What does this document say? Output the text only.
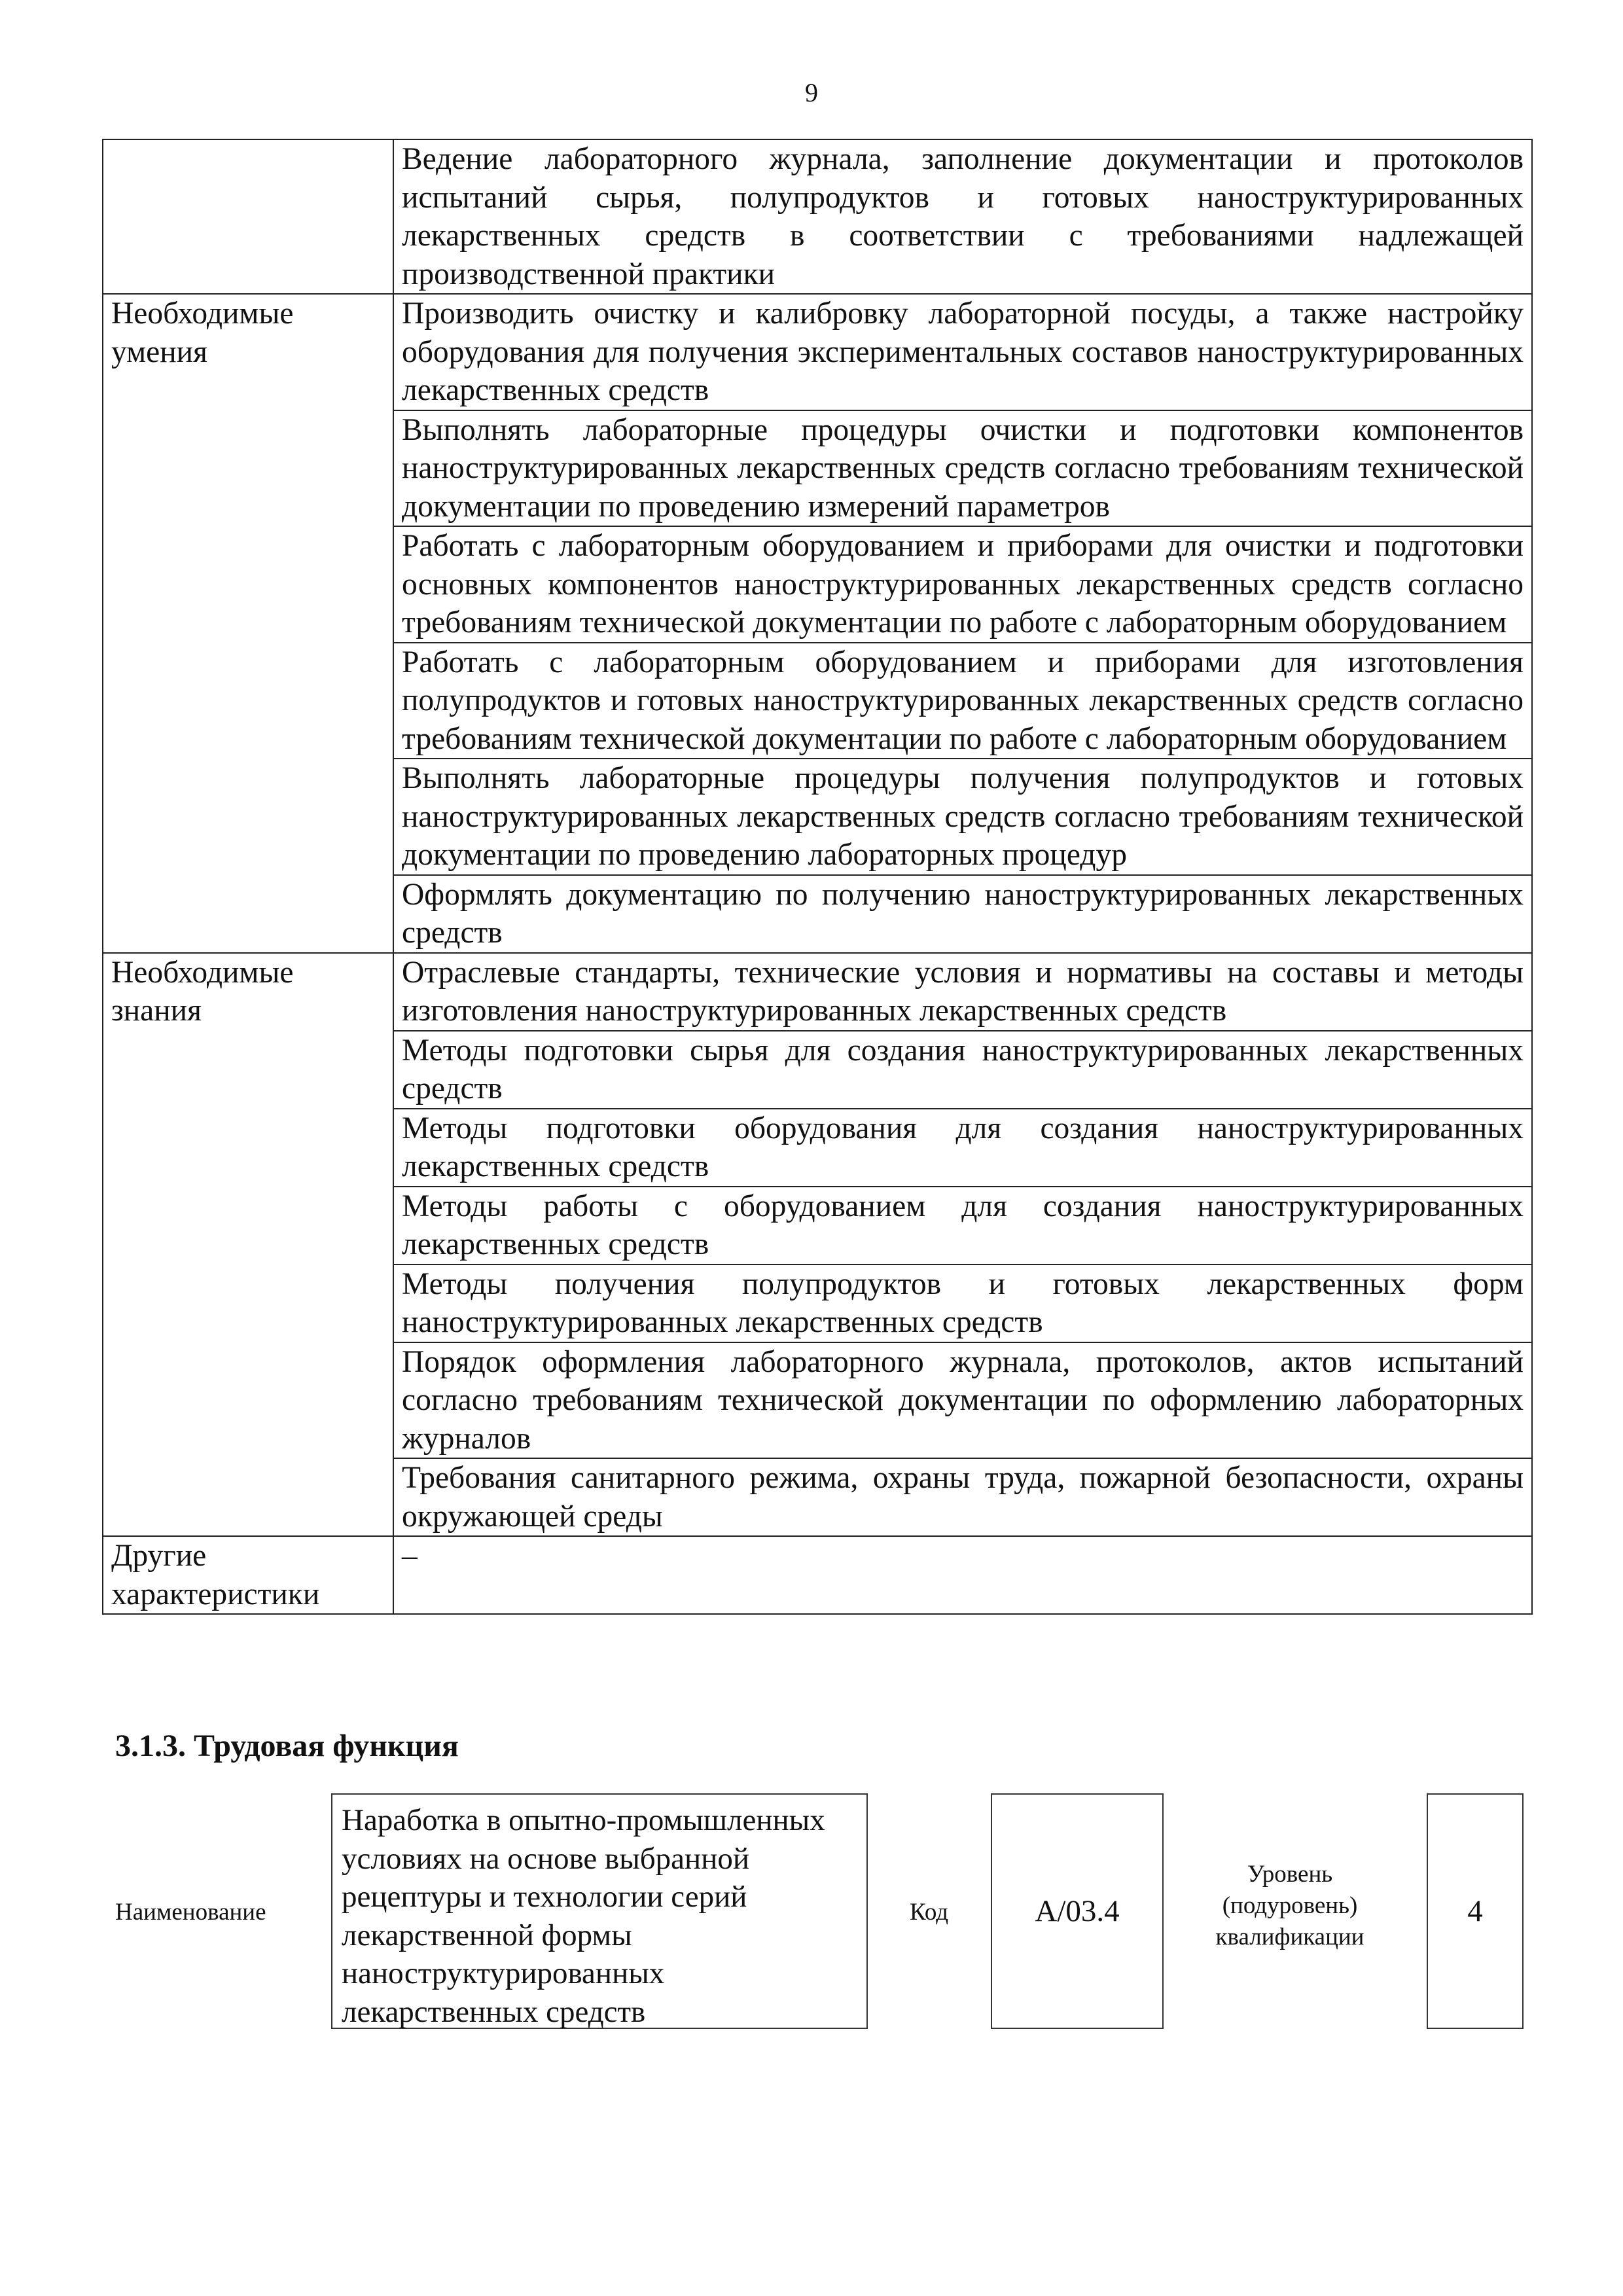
9
	Ведение лабораторного журнала, заполнение документации и протоколов испытаний сырья, полупродуктов и готовых наноструктурированных лекарственных средств в соответствии с требованиями надлежащей производственной практики
Необходимые умения	Производить очистку и калибровку лабораторной посуды, а также настройку оборудования для получения экспериментальных составов наноструктурированных лекарственных средств
	Выполнять лабораторные процедуры очистки и подготовки компонентов наноструктурированных лекарственных средств согласно требованиям технической документации по проведению измерений параметров
	Работать с лабораторным оборудованием и приборами для очистки и подготовки основных компонентов наноструктурированных лекарственных средств согласно требованиям технической документации по работе с лабораторным оборудованием
	Работать с лабораторным оборудованием и приборами для изготовления полупродуктов и готовых наноструктурированных лекарственных средств согласно требованиям технической документации по работе с лабораторным оборудованием
	Выполнять лабораторные процедуры получения полупродуктов и готовых наноструктурированных лекарственных средств согласно требованиям технической документации по проведению лабораторных процедур
	Оформлять документацию по получению наноструктурированных лекарственных средств
Необходимые знания	Отраслевые стандарты, технические условия и нормативы на составы и методы изготовления наноструктурированных лекарственных средств
	Методы подготовки сырья для создания наноструктурированных лекарственных средств
	Методы подготовки оборудования для создания наноструктурированных лекарственных средств
	Методы работы с оборудованием для создания наноструктурированных лекарственных средств
	Методы получения полупродуктов и готовых лекарственных форм наноструктурированных лекарственных средств
	Порядок оформления лабораторного журнала, протоколов, актов испытаний согласно требованиям технической документации по оформлению лабораторных журналов
	Требования санитарного режима, охраны труда, пожарной безопасности, охраны окружающей среды
Другие характеристики	–
3.1.3. Трудовая функция
Наименование
Наработка в опытно-промышленных условиях на основе выбранной рецептуры и технологии серий лекарственной формы наноструктурированных лекарственных средств
Код	А/03.4
Уровень (подуровень) квалификации
4
